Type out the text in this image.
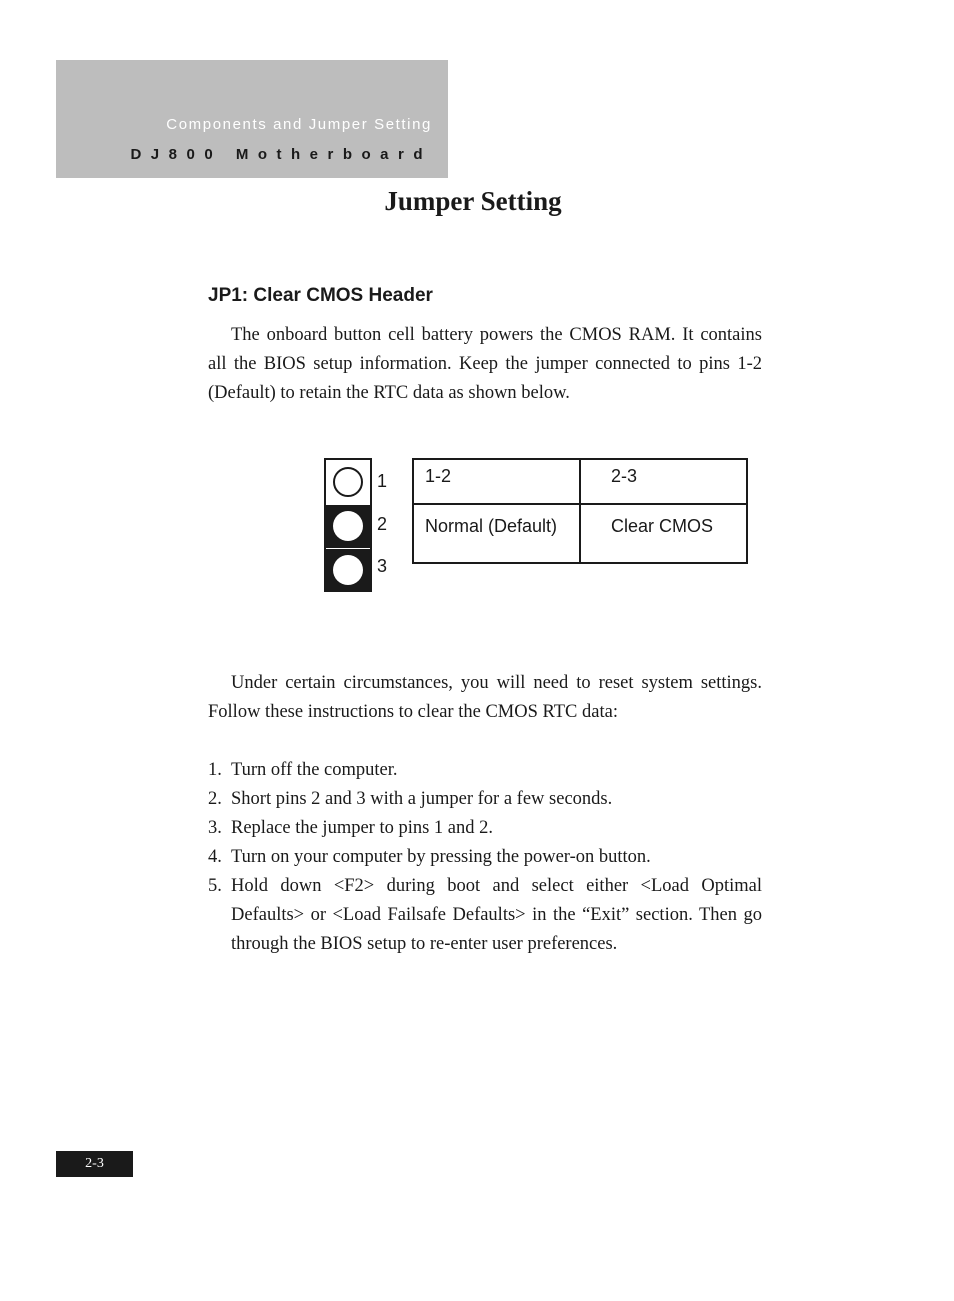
Components and Jumper Setting
DJ800 Motherboard
Jumper Setting
JP1: Clear CMOS Header

The onboard button cell battery powers the CMOS RAM. It contains all the BIOS setup information. Keep the jumper connected to pins 1-2 (Default) to retain the RTC data as shown below.

1
2
3
1-2	2-3
Normal (Default)	Clear CMOS

Under certain circumstances, you will need to reset system settings. Follow these instructions to clear the CMOS RTC data:

1. Turn off the computer.
2. Short pins 2 and 3 with a jumper for a few seconds.
3. Replace the jumper to pins 1 and 2.
4. Turn on your computer by pressing the power-on button.
5. Hold down <F2> during boot and select either <Load Optimal Defaults> or <Load Failsafe Defaults> in the “Exit” section. Then go through the BIOS setup to re-enter user preferences.
2-3
